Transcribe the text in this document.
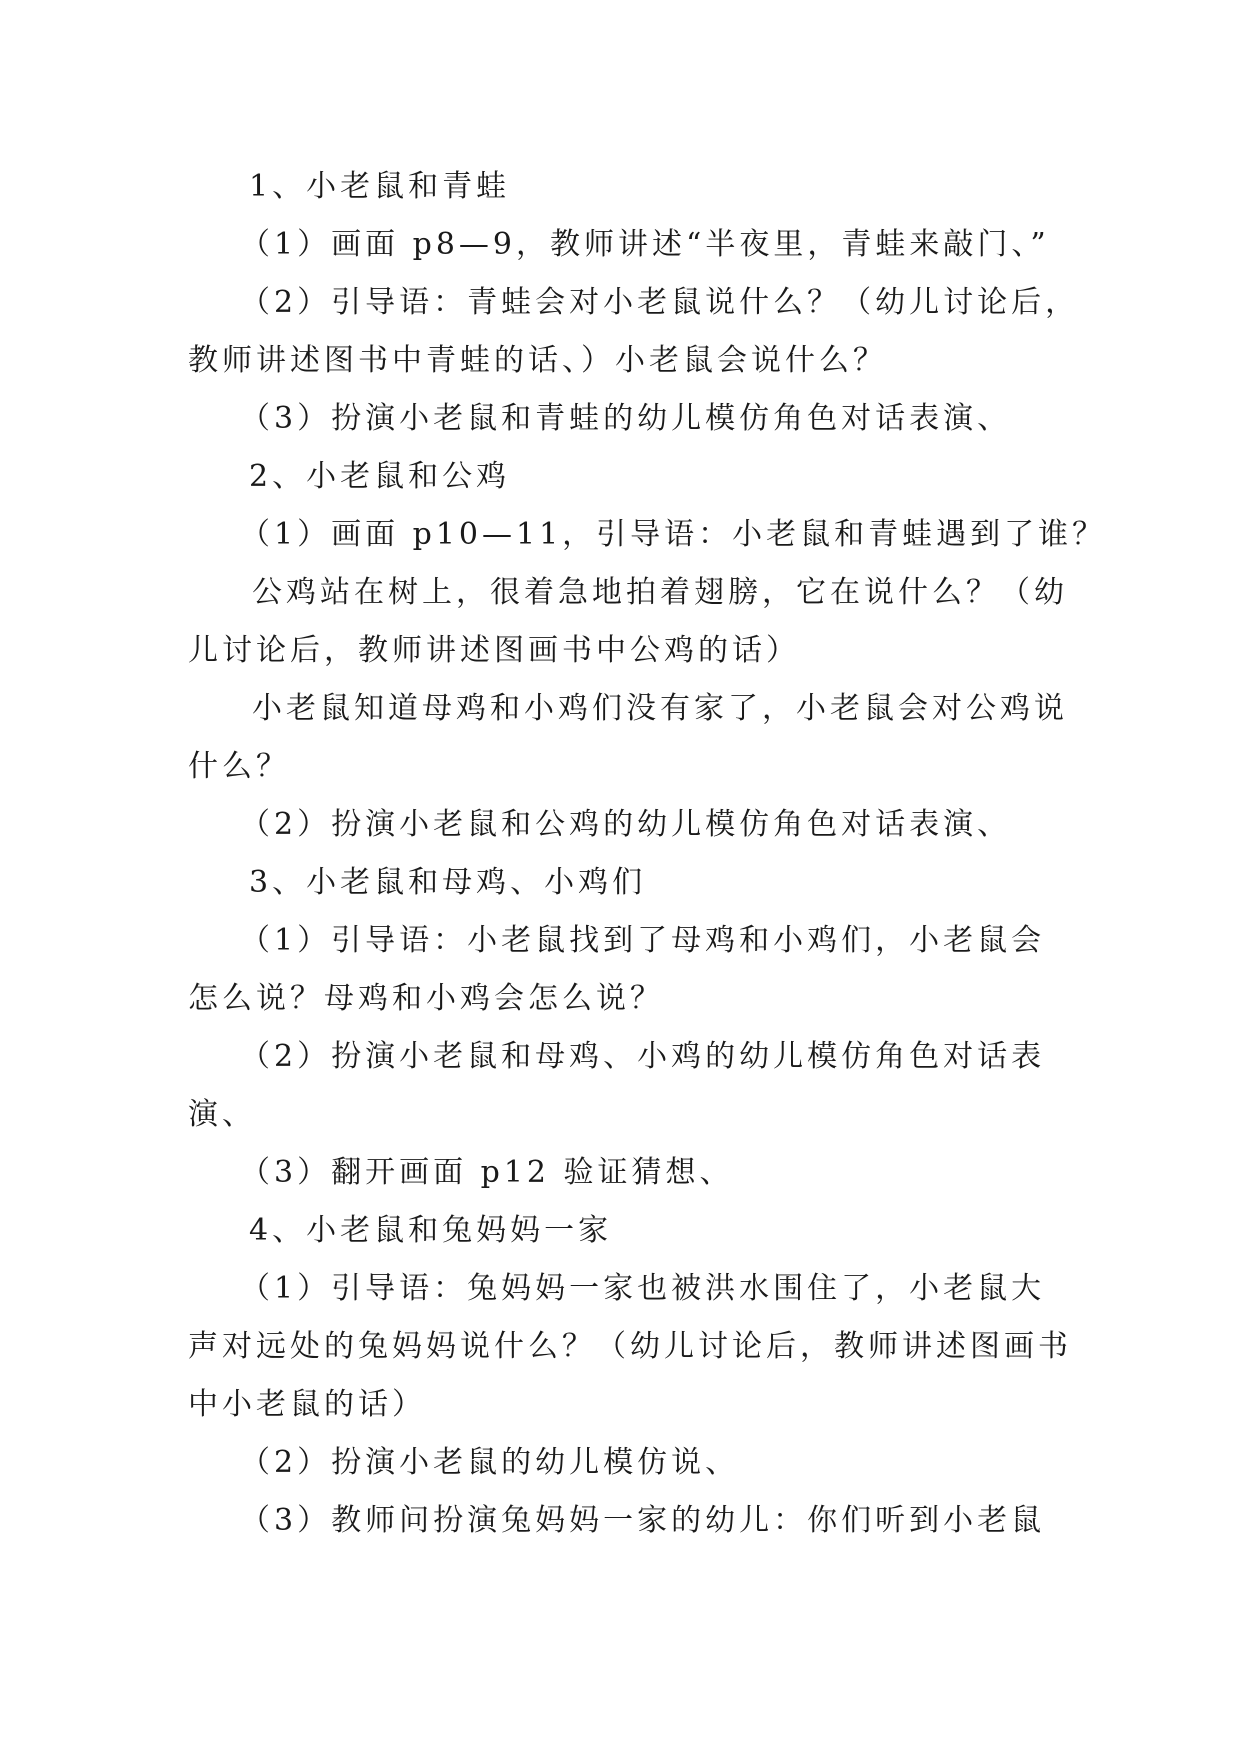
1、小老鼠和青蛙
（1）画面 p8—9，教师讲述“半夜里，青蛙来敲门、”
（2）引导语：青蛙会对小老鼠说什么？（幼儿讨论后，
教师讲述图书中青蛙的话、）小老鼠会说什么？
（3）扮演小老鼠和青蛙的幼儿模仿角色对话表演、
2、小老鼠和公鸡
（1）画面 p10—11，引导语：小老鼠和青蛙遇到了谁？
公鸡站在树上，很着急地拍着翅膀，它在说什么？（幼
儿讨论后，教师讲述图画书中公鸡的话）
小老鼠知道母鸡和小鸡们没有家了，小老鼠会对公鸡说
什么？
（2）扮演小老鼠和公鸡的幼儿模仿角色对话表演、
3、小老鼠和母鸡、小鸡们
（1）引导语：小老鼠找到了母鸡和小鸡们，小老鼠会
怎么说？母鸡和小鸡会怎么说？
（2）扮演小老鼠和母鸡、小鸡的幼儿模仿角色对话表
演、
（3）翻开画面 p12 验证猜想、
4、小老鼠和兔妈妈一家
（1）引导语：兔妈妈一家也被洪水围住了，小老鼠大
声对远处的兔妈妈说什么？（幼儿讨论后，教师讲述图画书
中小老鼠的话）
（2）扮演小老鼠的幼儿模仿说、
（3）教师问扮演兔妈妈一家的幼儿：你们听到小老鼠
